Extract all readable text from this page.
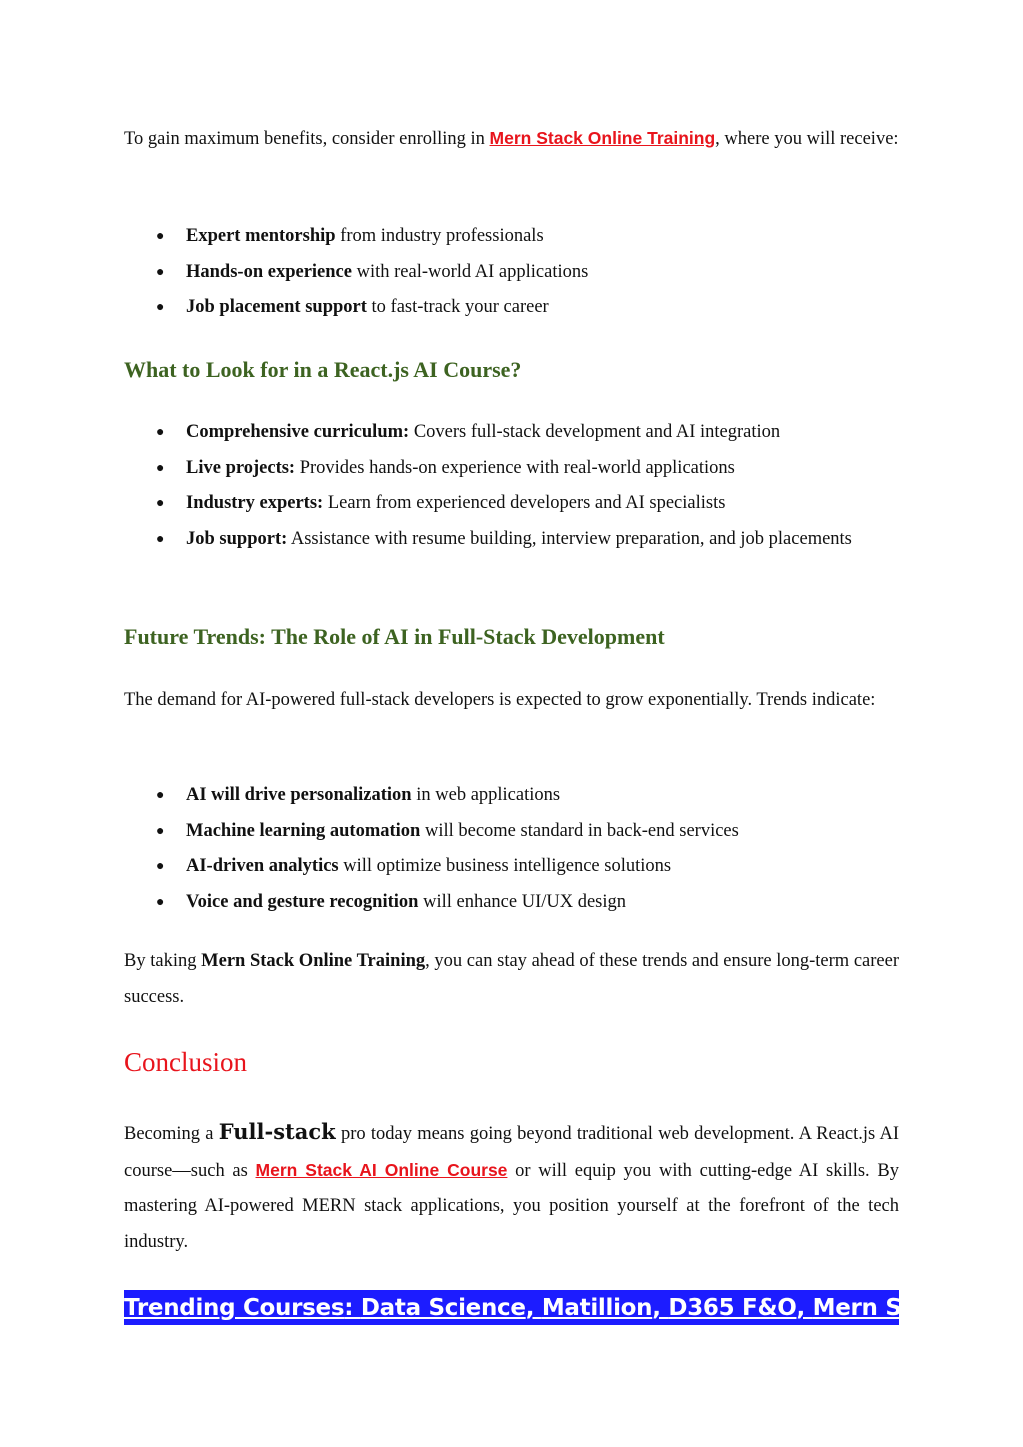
To gain maximum benefits, consider enrolling in Mern Stack Online Training, where you will receive:

● Expert mentorship from industry professionals
● Hands-on experience with real-world AI applications
● Job placement support to fast-track your career
What to Look for in a React.js AI Course?
● Comprehensive curriculum: Covers full-stack development and AI integration
● Live projects: Provides hands-on experience with real-world applications
● Industry experts: Learn from experienced developers and AI specialists
● Job support: Assistance with resume building, interview preparation, and job placements
Future Trends: The Role of AI in Full-Stack Development

The demand for AI-powered full-stack developers is expected to grow exponentially. Trends indicate:

● AI will drive personalization in web applications
● Machine learning automation will become standard in back-end services
● AI-driven analytics will optimize business intelligence solutions
● Voice and gesture recognition will enhance UI/UX design

By taking Mern Stack Online Training, you can stay ahead of these trends and ensure long-term career success.

Conclusion

Becoming a Full-stack pro today means going beyond traditional web development. A React.js AI course—such as Mern Stack AI Online Course or will equip you with cutting-edge AI skills. By mastering AI-powered MERN stack applications, you position yourself at the forefront of the tech industry.

Trending Courses : Data Science , Matillion , D365 F&O , Mern Stack Ai
